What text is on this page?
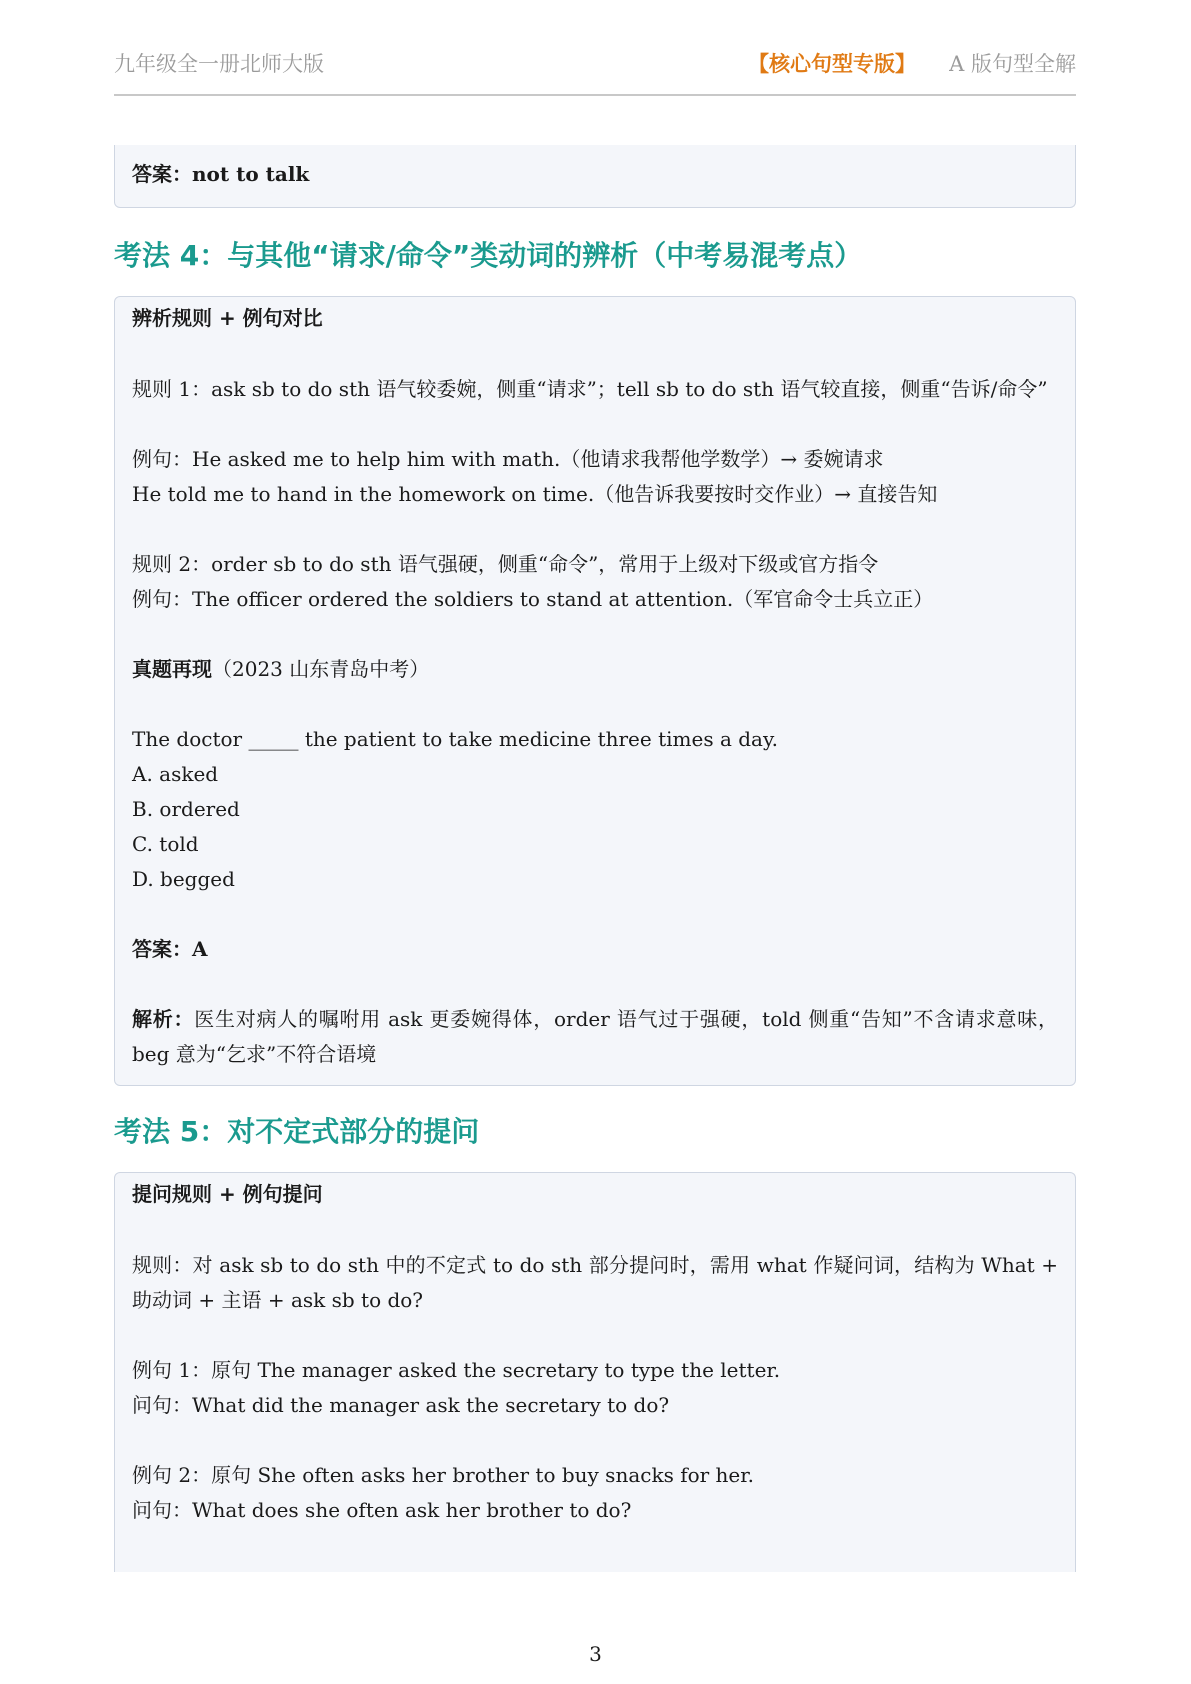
九年级全一册北师大版	【核心句型专版】 A 版句型全解
答案：not to talk
考法 4：与其他“请求/命令”类动词的辨析（中考易混考点）
辨析规则 + 例句对比
规则 1：ask sb to do sth 语气较委婉，侧重“请求”；tell sb to do sth 语气较直接，侧重“告诉/命令”
例句：He asked me to help him with math.（他请求我帮他学数学）→ 委婉请求
He told me to hand in the homework on time.（他告诉我要按时交作业）→ 直接告知
规则 2：order sb to do sth 语气强硬，侧重“命令”，常用于上级对下级或官方指令
例句：The officer ordered the soldiers to stand at attention.（军官命令士兵立正）
真题再现（2023 山东青岛中考）
The doctor _____ the patient to take medicine three times a day.
A. asked
B. ordered
C. told
D. begged
答案：A
解析：医生对病人的嘱咐用 ask 更委婉得体，order 语气过于强硬，told 侧重“告知”不含请求意味，beg 意为“乞求”不符合语境
考法 5：对不定式部分的提问
提问规则 + 例句提问
规则：对 ask sb to do sth 中的不定式 to do sth 部分提问时，需用 what 作疑问词，结构为 What + 助动词 + 主语 + ask sb to do?
例句 1：原句 The manager asked the secretary to type the letter.
问句：What did the manager ask the secretary to do?
例句 2：原句 She often asks her brother to buy snacks for her.
问句：What does she often ask her brother to do?
3
